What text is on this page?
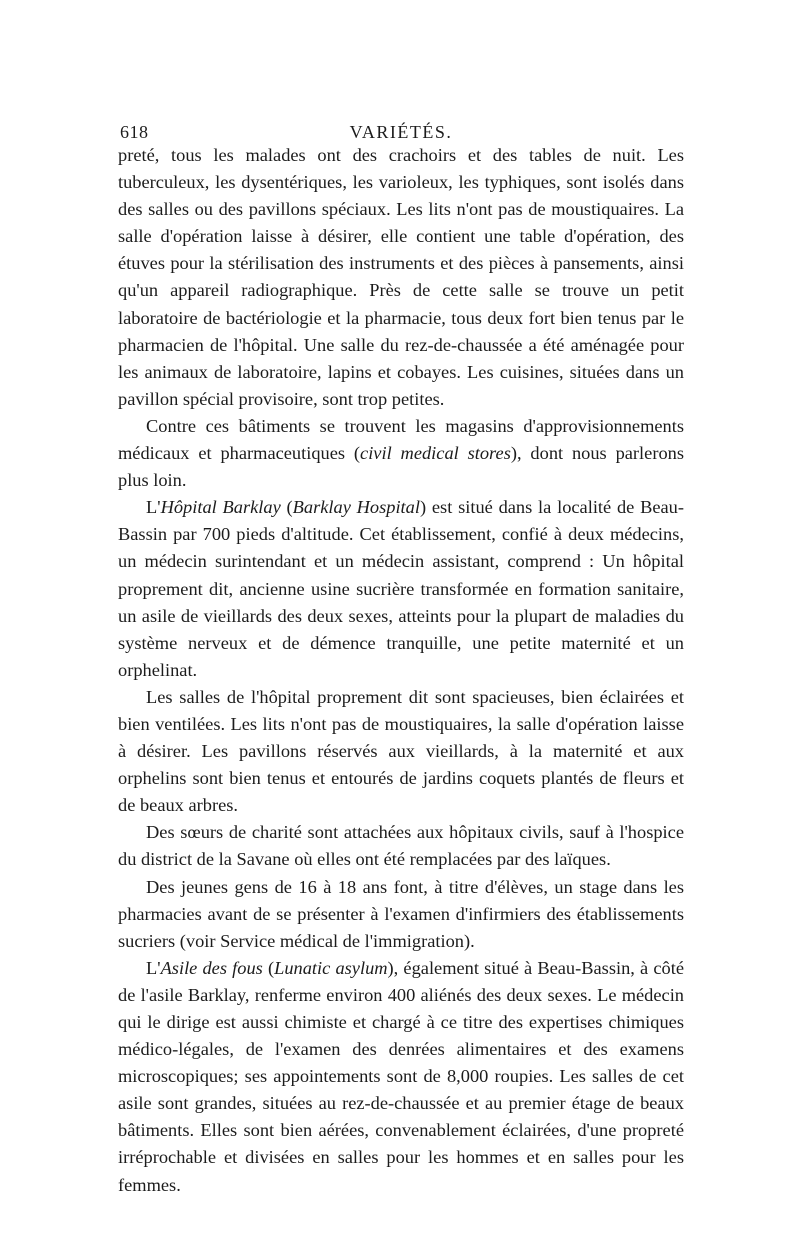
618	VARIÉTÉS.

preté, tous les malades ont des crachoirs et des tables de nuit. Les tuberculeux, les dysentériques, les varioleux, les typhiques, sont isolés dans des salles ou des pavillons spéciaux. Les lits n'ont pas de moustiquaires. La salle d'opération laisse à désirer, elle contient une table d'opération, des étuves pour la stérilisation des instruments et des pièces à pansements, ainsi qu'un appareil radiographique. Près de cette salle se trouve un petit laboratoire de bactériologie et la pharmacie, tous deux fort bien tenus par le pharmacien de l'hôpital. Une salle du rez-de-chaussée a été aménagée pour les animaux de laboratoire, lapins et cobayes. Les cuisines, situées dans un pavillon spécial provisoire, sont trop petites.

Contre ces bâtiments se trouvent les magasins d'approvisionnements médicaux et pharmaceutiques (civil medical stores), dont nous parlerons plus loin.

L'Hôpital Barklay (Barklay Hospital) est situé dans la localité de Beau-Bassin par 700 pieds d'altitude. Cet établissement, confié à deux médecins, un médecin surintendant et un médecin assistant, comprend : Un hôpital proprement dit, ancienne usine sucrière transformée en formation sanitaire, un asile de vieillards des deux sexes, atteints pour la plupart de maladies du système nerveux et de démence tranquille, une petite maternité et un orphelinat.

Les salles de l'hôpital proprement dit sont spacieuses, bien éclairées et bien ventilées. Les lits n'ont pas de moustiquaires, la salle d'opération laisse à désirer. Les pavillons réservés aux vieillards, à la maternité et aux orphelins sont bien tenus et entourés de jardins coquets plantés de fleurs et de beaux arbres.

Des sœurs de charité sont attachées aux hôpitaux civils, sauf à l'hospice du district de la Savane où elles ont été remplacées par des laïques.

Des jeunes gens de 16 à 18 ans font, à titre d'élèves, un stage dans les pharmacies avant de se présenter à l'examen d'infirmiers des établissements sucriers (voir Service médical de l'immigration).

L'Asile des fous (Lunatic asylum), également situé à Beau-Bassin, à côté de l'asile Barklay, renferme environ 400 aliénés des deux sexes. Le médecin qui le dirige est aussi chimiste et chargé à ce titre des expertises chimiques médico-légales, de l'examen des denrées alimentaires et des examens microscopiques; ses appointements sont de 8,000 roupies. Les salles de cet asile sont grandes, situées au rez-de-chaussée et au premier étage de beaux bâtiments. Elles sont bien aérées, convenablement éclairées, d'une propreté irréprochable et divisées en salles pour les hommes et en salles pour les femmes.
